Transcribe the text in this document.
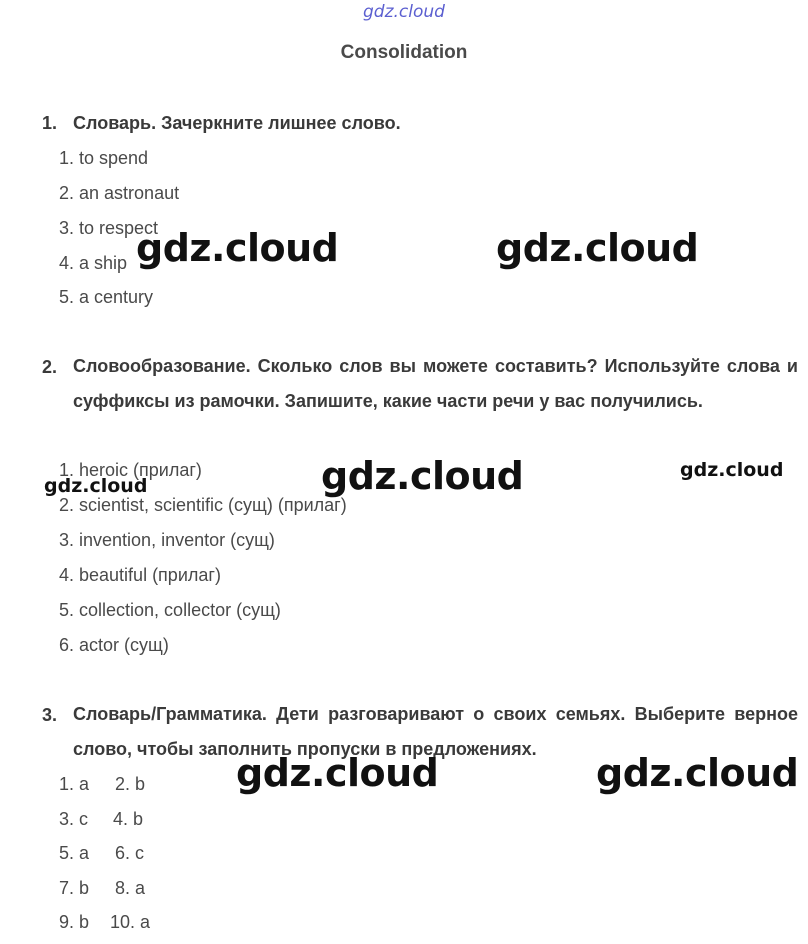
gdz.cloud
Consolidation
1. Словарь. Зачеркните лишнее слово.
1. to spend
2. an astronaut
3. to respect
4. a ship
5. a century
2. Словообразование. Сколько слов вы можете составить? Используйте слова и суффиксы из рамочки. Запишите, какие части речи у вас получились.
1. heroic (прилаг)
2. scientist, scientific (сущ) (прилаг)
3. invention, inventor (сущ)
4. beautiful (прилаг)
5. collection, collector (сущ)
6. actor (сущ)
3. Словарь/Грамматика. Дети разговаривают о своих семьях. Выберите верное слово, чтобы заполнить пропуски в предложениях.
1. a 2. b
3. c 4. b
5. a 6. c
7. b 8. a
9. b 10. a
gdz.cloud	gdz.cloud
gdz.cloud
gdz.cloud
gdz.cloud
gdz.cloud	gdz.cloud
